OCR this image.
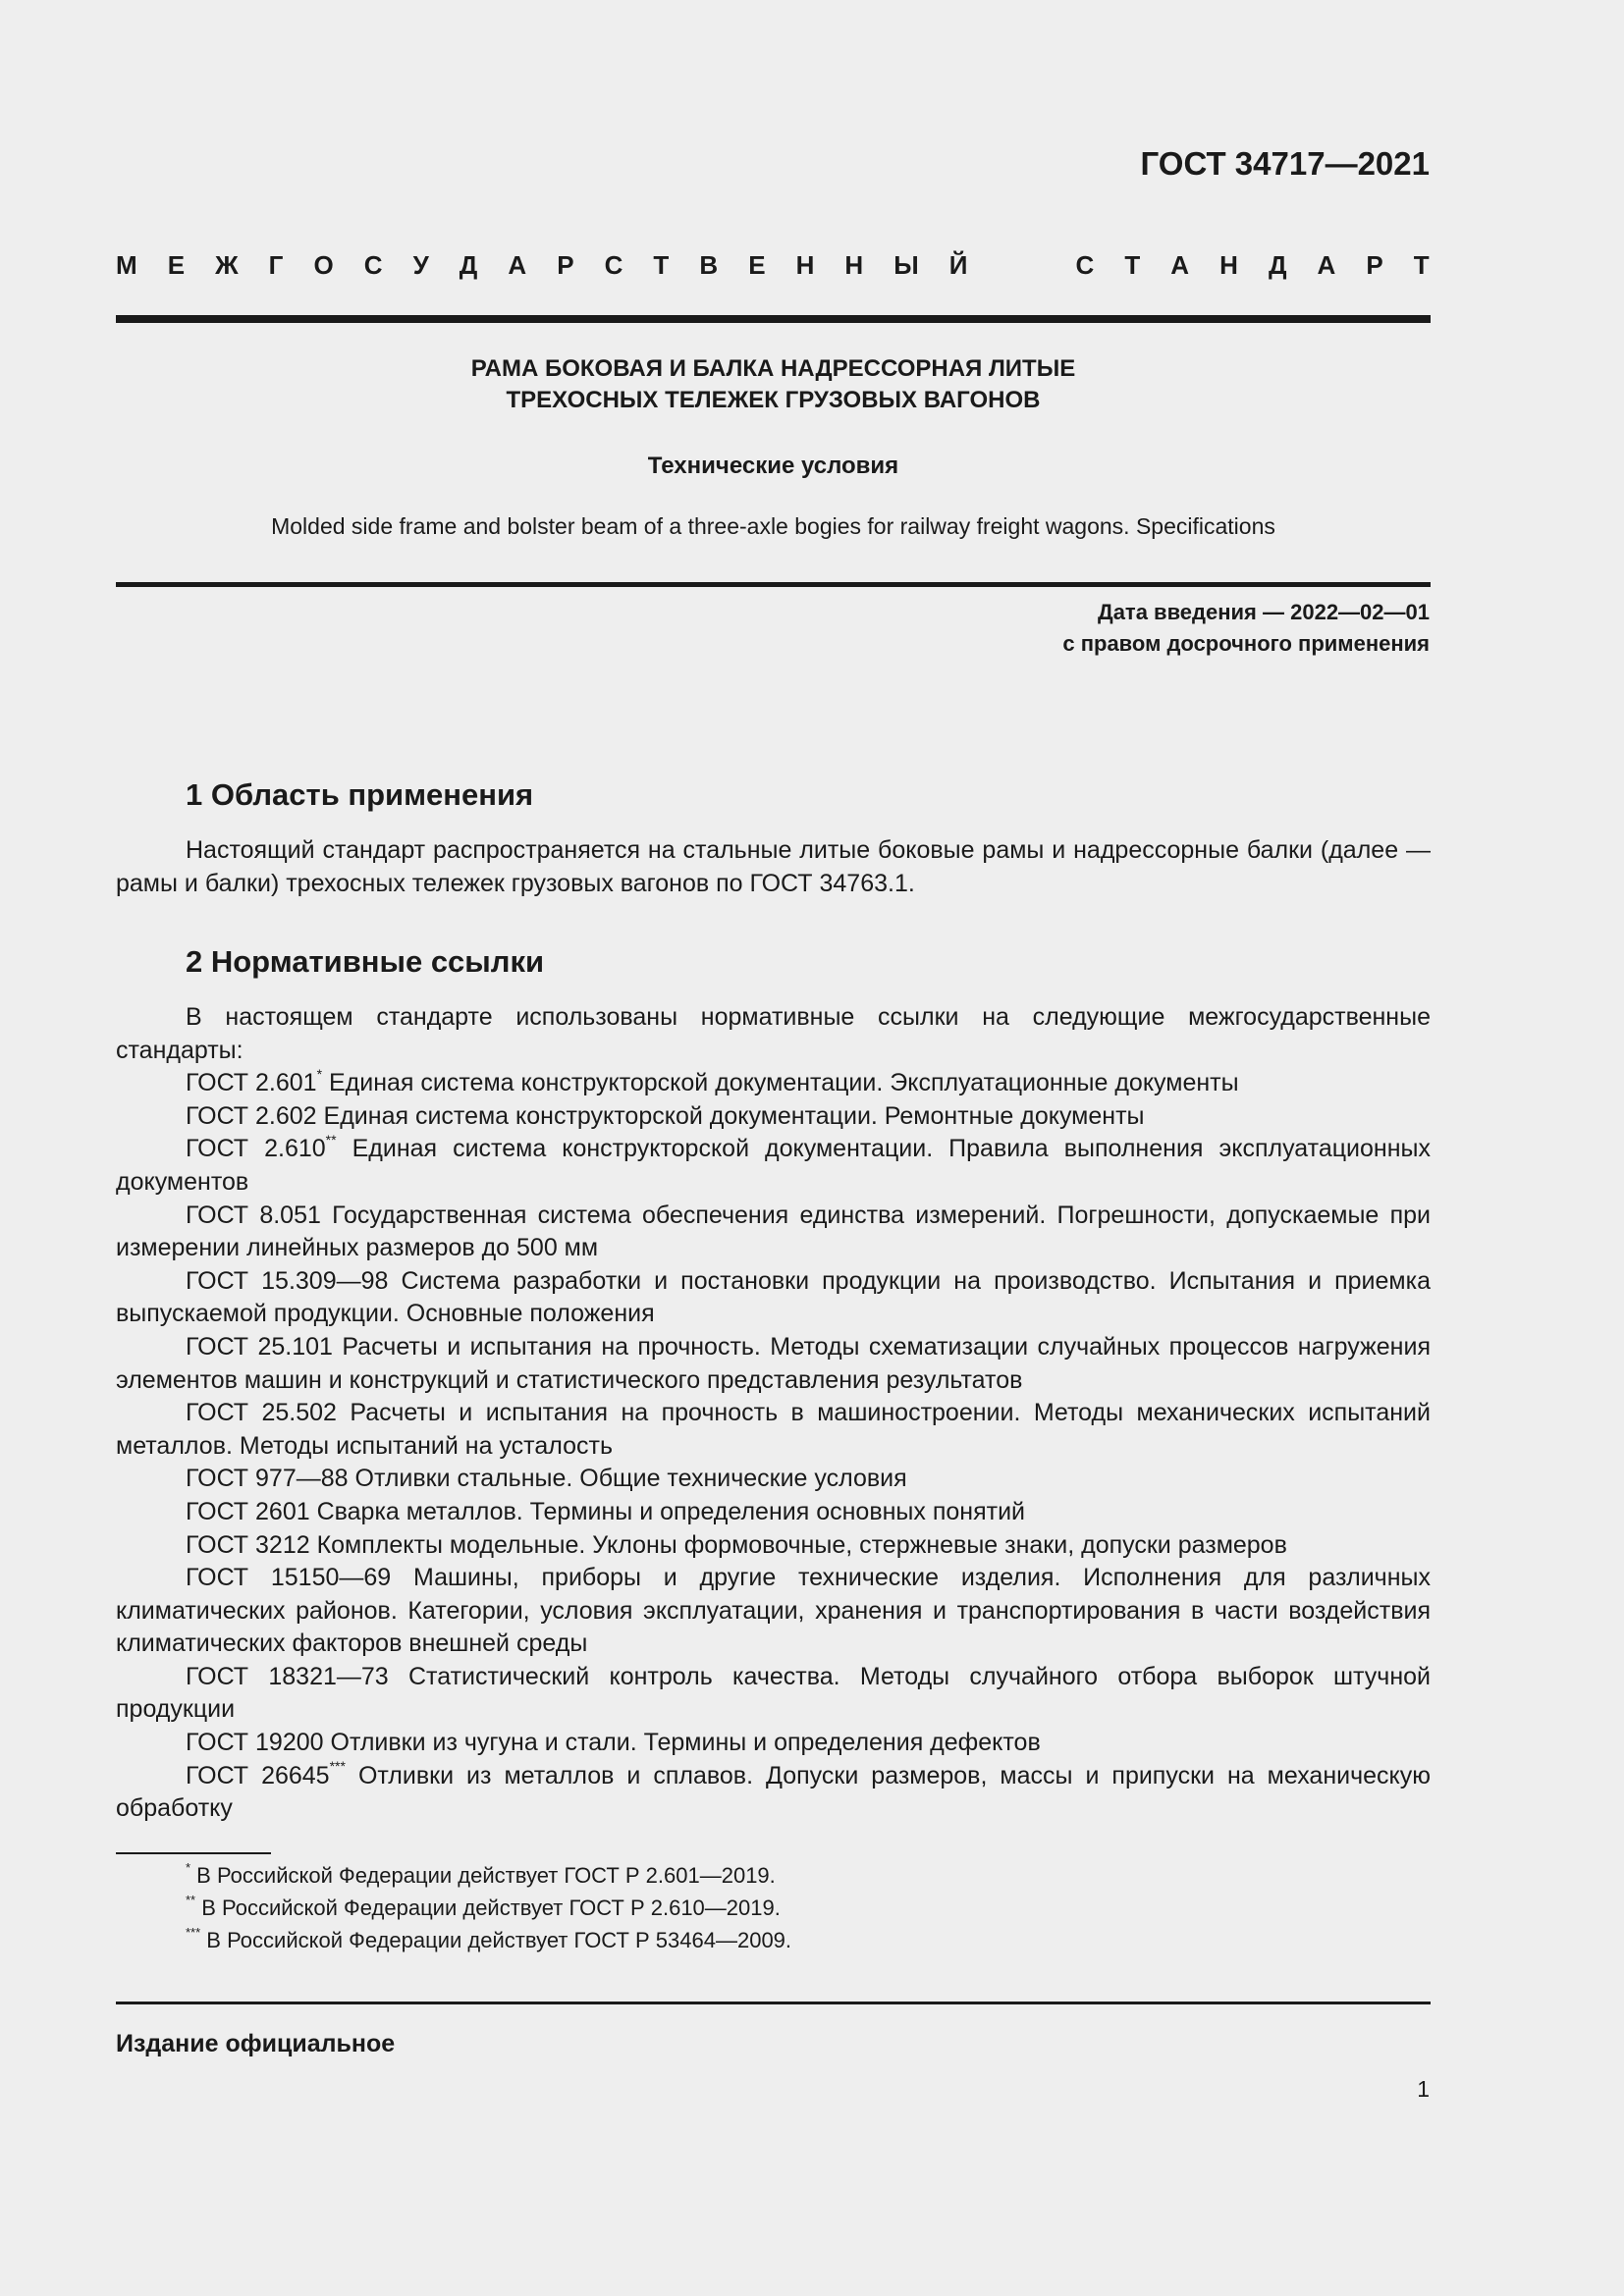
ГОСТ 34717—2021
М Е Ж Г О С У Д А Р С Т В Е Н Н Ы Й	С Т А Н Д А Р Т
РАМА БОКОВАЯ И БАЛКА НАДРЕССОРНАЯ ЛИТЫЕ
ТРЕХОСНЫХ ТЕЛЕЖЕК ГРУЗОВЫХ ВАГОНОВ
Технические условия
Molded side frame and bolster beam of a three-axle bogies for railway freight wagons. Specifications
Дата введения — 2022—02—01
с правом досрочного применения
1 Область применения

Настоящий стандарт распространяется на стальные литые боковые рамы и надрессорные балки (далее — рамы и балки) трехосных тележек грузовых вагонов по ГОСТ 34763.1.

2 Нормативные ссылки

В настоящем стандарте использованы нормативные ссылки на следующие межгосударственные стандарты:

ГОСТ 2.601* Единая система конструкторской документации. Эксплуатационные документы

ГОСТ 2.602 Единая система конструкторской документации. Ремонтные документы

ГОСТ 2.610** Единая система конструкторской документации. Правила выполнения эксплуатационных документов

ГОСТ 8.051 Государственная система обеспечения единства измерений. Погрешности, допускаемые при измерении линейных размеров до 500 мм

ГОСТ 15.309—98 Система разработки и постановки продукции на производство. Испытания и приемка выпускаемой продукции. Основные положения

ГОСТ 25.101 Расчеты и испытания на прочность. Методы схематизации случайных процессов нагружения элементов машин и конструкций и статистического представления результатов

ГОСТ 25.502 Расчеты и испытания на прочность в машиностроении. Методы механических испытаний металлов. Методы испытаний на усталость

ГОСТ 977—88 Отливки стальные. Общие технические условия

ГОСТ 2601 Сварка металлов. Термины и определения основных понятий

ГОСТ 3212 Комплекты модельные. Уклоны формовочные, стержневые знаки, допуски размеров

ГОСТ 15150—69 Машины, приборы и другие технические изделия. Исполнения для различных климатических районов. Категории, условия эксплуатации, хранения и транспортирования в части воздействия климатических факторов внешней среды

ГОСТ 18321—73 Статистический контроль качества. Методы случайного отбора выборок штучной продукции

ГОСТ 19200 Отливки из чугуна и стали. Термины и определения дефектов

ГОСТ 26645*** Отливки из металлов и сплавов. Допуски размеров, массы и припуски на механическую обработку

* В Российской Федерации действует ГОСТ Р 2.601—2019.
** В Российской Федерации действует ГОСТ Р 2.610—2019.
*** В Российской Федерации действует ГОСТ Р 53464—2009.
Издание официальное
1
